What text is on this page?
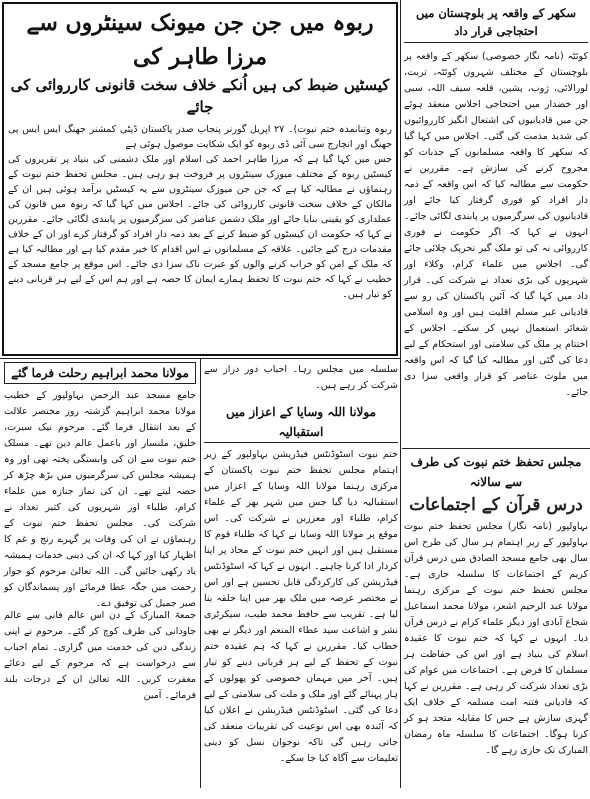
ربوہ میں جن جن میونک سینٹروں سے مرزا طاہر کی
کیسٹیں ضبط کی ہیں اُنکے خلاف سخت قانونی کارروائی کی جائے
ربوہ وتنانمدہ ختم نبوت)۔ ۲۷ اپریل گورنر پنجاب صدر پاکستان ڈپٹی کمشنر جھنگ ایس ایس پی جھنگ اور انچارج سی آئی ڈی ربوہ کو ایک شکایت موصول ہوئی ہے
جس میں کہا گیا ہے کہ مرزا طاہر احمد کی اسلام اور ملک دشمنی کی بنیاد پر تقریروں کی کیسٹیں ربوہ کے مختلف میوزک سینٹروں پر فروخت ہو رہی ہیں۔ مجلس تحفظ ختم نبوت کے رہنماؤں نے مطالبہ کیا ہے کہ جن جن میوزک سینٹروں سے یہ کیسٹیں برآمد ہوئی ہیں ان کے مالکان کے خلاف سخت قانونی کارروائی کی جائے۔ اجلاس میں کہا گیا کہ ربوہ میں قانون کی عملداری کو یقینی بنایا جائے اور ملک دشمن عناصر کی سرگرمیوں پر پابندی لگائی جائے۔ مقررین نے کہا کہ حکومت ان کیسٹوں کو ضبط کرنے کے بعد ذمہ دار افراد کو گرفتار کرے اور ان کے خلاف مقدمات درج کیے جائیں۔ علاقہ کے مسلمانوں نے اس اقدام کا خیر مقدم کیا ہے اور مطالبہ کیا ہے کہ ملک کے امن کو خراب کرنے والوں کو عبرت ناک سزا دی جائے۔ اس موقع پر جامع مسجد کے خطیب نے کہا کہ ختم نبوت کا تحفظ ہمارے ایمان کا حصہ ہے اور ہم اس کے لیے ہر قربانی دینے کو تیار ہیں۔
سکھر کے واقعہ پر بلوچستان میں احتجاجی قرار داد
کوئٹہ (نامہ نگار خصوصی) سکھر کے واقعہ پر بلوچستان کے مختلف شہروں کوئٹہ، تربت، لورالائی، ژوب، پشین، قلعہ سیف اللہ، سبی اور خضدار میں احتجاجی اجلاس منعقد ہوئے جن میں قادیانیوں کی اشتعال انگیز کارروائیوں کی شدید مذمت کی گئی۔ اجلاس میں کہا گیا کہ سکھر کا واقعہ مسلمانوں کے جذبات کو مجروح کرنے کی سازش ہے۔ مقررین نے حکومت سے مطالبہ کیا کہ اس واقعہ کے ذمہ دار افراد کو فوری گرفتار کیا جائے اور قادیانیوں کی سرگرمیوں پر پابندی لگائی جائے۔ انہوں نے کہا کہ اگر حکومت نے فوری کارروائی نہ کی تو ملک گیر تحریک چلائی جائے گی۔ اجلاس میں علماء کرام، وکلاء اور شہریوں کی بڑی تعداد نے شرکت کی۔ قرار داد میں کہا گیا کہ آئین پاکستان کی رو سے قادیانی غیر مسلم اقلیت ہیں اور وہ اسلامی شعائر استعمال نہیں کر سکتے۔ اجلاس کے اختتام پر ملک کی سلامتی اور استحکام کے لیے دعا کی گئی اور مطالبہ کیا گیا کہ اس واقعہ میں ملوث عناصر کو قرار واقعی سزا دی جائے۔
مجلس تحفظ ختم نبوت کی طرف سے سالانہ
درس قرآن کے اجتماعات
بہاولپور (نامہ نگار) مجلس تحفظ ختم نبوت بہاولپور کے زیر اہتمام ہر سال کی طرح اس سال بھی جامع مسجد الصادق میں درس قرآن کریم کے اجتماعات کا سلسلہ جاری ہے۔ مجلس تحفظ ختم نبوت کے مرکزی رہنما مولانا عبد الرحیم اشعر، مولانا محمد اسماعیل شجاع آبادی اور دیگر علماء کرام نے درس قرآن دیا۔ انہوں نے کہا کہ ختم نبوت کا عقیدہ اسلام کی بنیاد ہے اور اس کی حفاظت ہر مسلمان کا فرض ہے۔ اجتماعات میں عوام کی بڑی تعداد شرکت کر رہی ہے۔ مقررین نے کہا کہ قادیانی فتنہ امت مسلمہ کے خلاف ایک گہری سازش ہے جس کا مقابلہ متحد ہو کر کرنا ہوگا۔ اجتماعات کا سلسلہ ماہ رمضان المبارک تک جاری رہے گا۔
سلسلہ میں مجلس رہا۔ احباب دور دراز سے شرکت کر رہے ہیں۔
مولانا اللہ وسایا کے اعزاز میں استقبالیہ
ختم نبوت اسٹوڈنٹس فیڈریشن بہاولپور کے زیر اہتمام مجلس تحفظ ختم نبوت پاکستان کے مرکزی رہنما مولانا اللہ وسایا کے اعزاز میں استقبالیہ دیا گیا جس میں شہر بھر کے علماء کرام، طلباء اور معززین نے شرکت کی۔ اس موقع پر مولانا اللہ وسایا نے کہا کہ طلباء قوم کا مستقبل ہیں اور انہیں ختم نبوت کے محاذ پر اپنا کردار ادا کرنا چاہیے۔ انہوں نے کہا کہ اسٹوڈنٹس فیڈریشن کی کارکردگی قابل تحسین ہے اور اس نے مختصر عرصہ میں ملک بھر میں اپنا حلقہ بنا لیا ہے۔ تقریب سے حافظ محمد طیب، سیکرٹری نشر و اشاعت سید عطاء المنعم اور دیگر نے بھی خطاب کیا۔ مقررین نے کہا کہ ہم عقیدہ ختم نبوت کے تحفظ کے لیے ہر قربانی دینے کو تیار ہیں۔ آخر میں مہمان خصوصی کو پھولوں کے ہار پہنائے گئے اور ملک و ملت کی سلامتی کے لیے دعا کی گئی۔ اسٹوڈنٹس فیڈریشن نے اعلان کیا کہ آئندہ بھی اس نوعیت کی تقریبات منعقد کی جاتی رہیں گی تاکہ نوجوان نسل کو دینی تعلیمات سے آگاہ کیا جا سکے۔
مولانا محمد ابراہیم رحلت فرما گئے
جامع مسجد عبد الرحمن بہاولپور کے خطیب مولانا محمد ابراہیم گزشتہ روز مختصر علالت کے بعد انتقال فرما گئے۔ مرحوم نیک سیرت، خلیق، ملنسار اور باعمل عالم دین تھے۔ مسلک ختم نبوت سے ان کی وابستگی پختہ تھی اور وہ ہمیشہ مجلس کی سرگرمیوں میں بڑھ چڑھ کر حصہ لیتے تھے۔ ان کی نماز جنازہ میں علماء کرام، طلباء اور شہریوں کی کثیر تعداد نے شرکت کی۔ مجلس تحفظ ختم نبوت کے رہنماؤں نے ان کی وفات پر گہرے رنج و غم کا اظہار کیا اور کہا کہ ان کی دینی خدمات ہمیشہ یاد رکھی جائیں گی۔ اللہ تعالیٰ مرحوم کو جوار رحمت میں جگہ عطا فرمائے اور پسماندگان کو صبر جمیل کی توفیق دے۔
جمعۃ المبارک کے دن اس عالم فانی سے عالم جاودانی کی طرف کوچ کر گئے۔ مرحوم نے اپنی زندگی دین کی خدمت میں گزاری۔ تمام احباب سے درخواست ہے کہ مرحوم کے لیے دعائے مغفرت کریں۔ اللہ تعالیٰ ان کے درجات بلند فرمائے۔ آمین
